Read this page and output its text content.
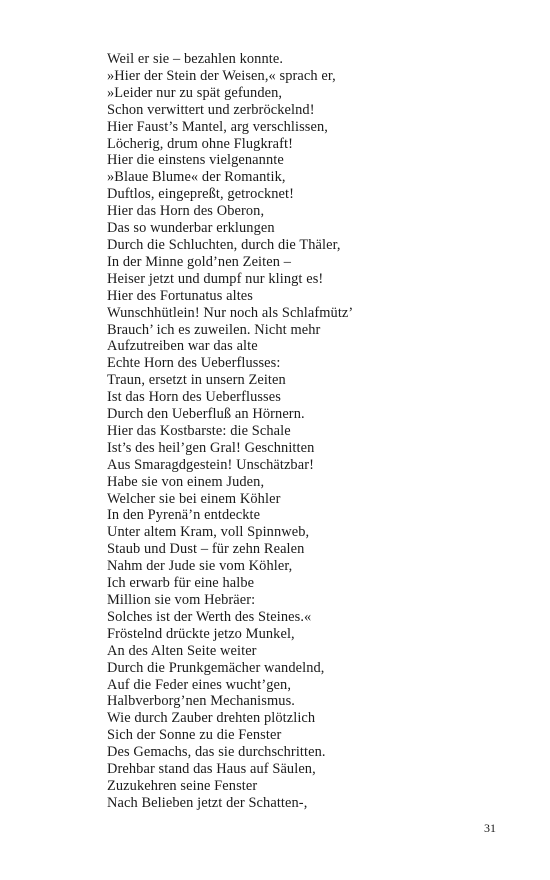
Weil er sie – bezahlen konnte.
»Hier der Stein der Weisen,« sprach er,
»Leider nur zu spät gefunden,
Schon verwittert und zerbröckelnd!
Hier Faust’s Mantel, arg verschlissen,
Löcherig, drum ohne Flugkraft!
Hier die einstens vielgenannte
»Blaue Blume« der Romantik,
Duftlos, eingepreßt, getrocknet!
Hier das Horn des Oberon,
Das so wunderbar erklungen
Durch die Schluchten, durch die Thäler,
In der Minne gold’nen Zeiten –
Heiser jetzt und dumpf nur klingt es!
Hier des Fortunatus altes
Wunschhütlein! Nur noch als Schlafmütz’
Brauch’ ich es zuweilen. Nicht mehr
Aufzutreiben war das alte
Echte Horn des Ueberflusses:
Traun, ersetzt in unsern Zeiten
Ist das Horn des Ueberflusses
Durch den Ueberfluß an Hörnern.
Hier das Kostbarste: die Schale
Ist’s des heil’gen Gral! Geschnitten
Aus Smaragdgestein! Unschätzbar!
Habe sie von einem Juden,
Welcher sie bei einem Köhler
In den Pyrenä’n entdeckte
Unter altem Kram, voll Spinnweb,
Staub und Dust – für zehn Realen
Nahm der Jude sie vom Köhler,
Ich erwarb für eine halbe
Million sie vom Hebräer:
Solches ist der Werth des Steines.«
Fröstelnd drückte jetzo Munkel,
An des Alten Seite weiter
Durch die Prunkgemächer wandelnd,
Auf die Feder eines wucht’gen,
Halbverborg’nen Mechanismus.
Wie durch Zauber drehten plötzlich
Sich der Sonne zu die Fenster
Des Gemachs, das sie durchschritten.
Drehbar stand das Haus auf Säulen,
Zuzukehren seine Fenster
Nach Belieben jetzt der Schatten-,
31
